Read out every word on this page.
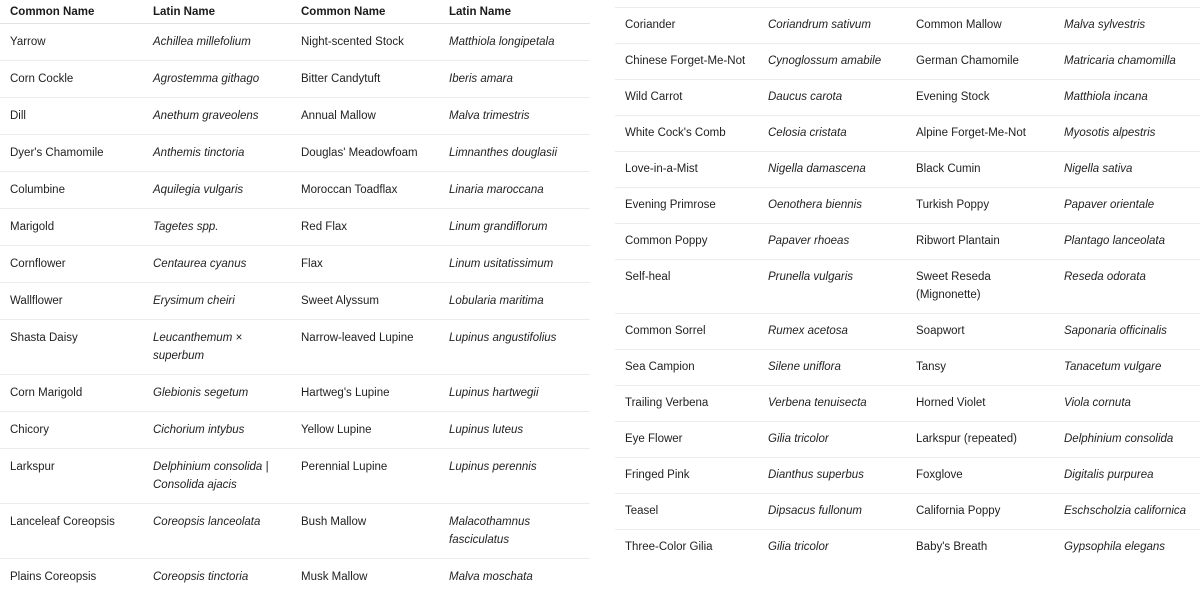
Common Name	Latin Name	Common Name	Latin Name
Yarrow	Achillea millefolium	Night-scented Stock	Matthiola longipetala
Corn Cockle	Agrostemma githago	Bitter Candytuft	Iberis amara
Dill	Anethum graveolens	Annual Mallow	Malva trimestris
Dyer's Chamomile	Anthemis tinctoria	Douglas' Meadowfoam	Limnanthes douglasii
Columbine	Aquilegia vulgaris	Moroccan Toadflax	Linaria maroccana
Marigold	Tagetes spp.	Red Flax	Linum grandiflorum
Cornflower	Centaurea cyanus	Flax	Linum usitatissimum
Wallflower	Erysimum cheiri	Sweet Alyssum	Lobularia maritima
Shasta Daisy	Leucanthemum × superbum	Narrow-leaved Lupine	Lupinus angustifolius
Corn Marigold	Glebionis segetum	Hartweg's Lupine	Lupinus hartwegii
Chicory	Cichorium intybus	Yellow Lupine	Lupinus luteus
Larkspur	Delphinium consolida | Consolida ajacis	Perennial Lupine	Lupinus perennis
Lanceleaf Coreopsis	Coreopsis lanceolata	Bush Mallow	Malacothamnus fasciculatus
Plains Coreopsis	Coreopsis tinctoria	Musk Mallow	Malva moschata
Coriander	Coriandrum sativum	Common Mallow	Malva sylvestris
Chinese Forget-Me-Not	Cynoglossum amabile	German Chamomile	Matricaria chamomilla
Wild Carrot	Daucus carota	Evening Stock	Matthiola incana
White Cock's Comb	Celosia cristata	Alpine Forget-Me-Not	Myosotis alpestris
Love-in-a-Mist	Nigella damascena	Black Cumin	Nigella sativa
Evening Primrose	Oenothera biennis	Turkish Poppy	Papaver orientale
Common Poppy	Papaver rhoeas	Ribwort Plantain	Plantago lanceolata
Self-heal	Prunella vulgaris	Sweet Reseda (Mignonette)	Reseda odorata
Common Sorrel	Rumex acetosa	Soapwort	Saponaria officinalis
Sea Campion	Silene uniflora	Tansy	Tanacetum vulgare
Trailing Verbena	Verbena tenuisecta	Horned Violet	Viola cornuta
Eye Flower	Gilia tricolor	Larkspur (repeated)	Delphinium consolida
Fringed Pink	Dianthus superbus	Foxglove	Digitalis purpurea
Teasel	Dipsacus fullonum	California Poppy	Eschscholzia californica
Three-Color Gilia	Gilia tricolor	Baby's Breath	Gypsophila elegans
